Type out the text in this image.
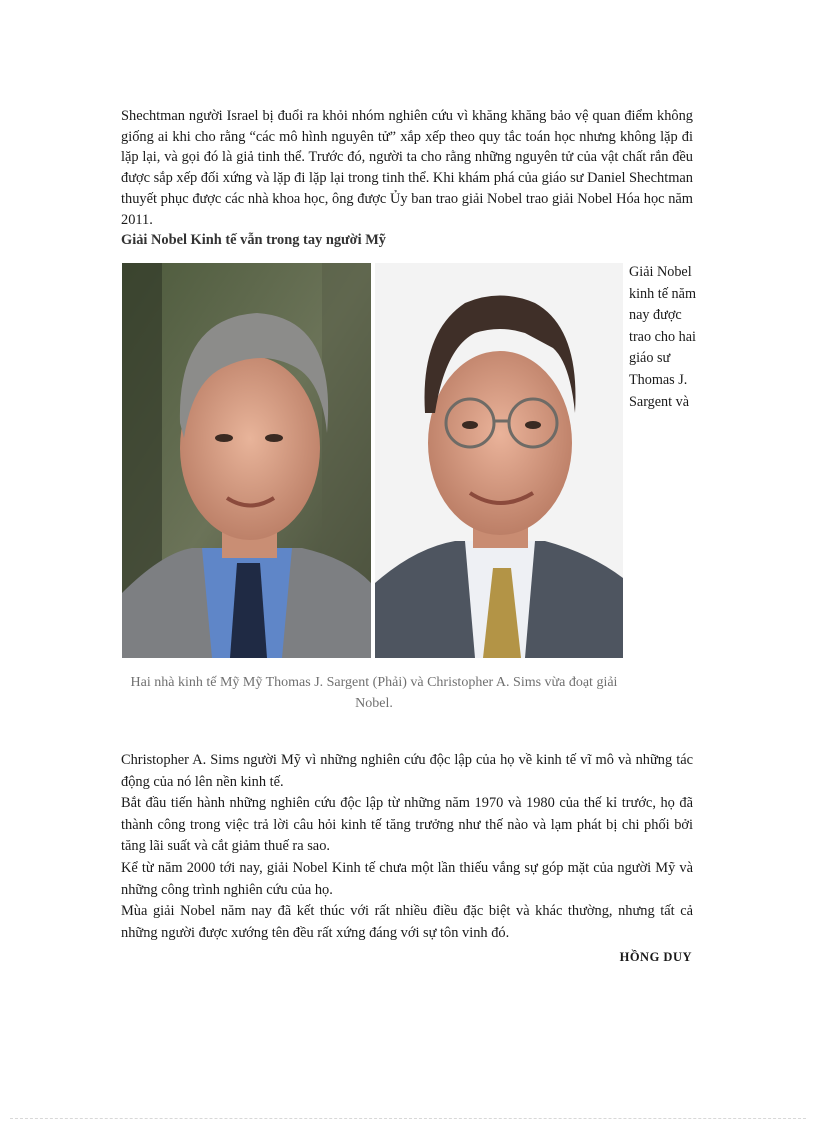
Shechtman người Israel bị đuổi ra khỏi nhóm nghiên cứu vì khăng khăng bảo vệ quan điểm không giống ai khi cho rằng “các mô hình nguyên tử” xắp xếp theo quy tắc toán học nhưng không lặp đi lặp lại, và gọi đó là giả tinh thể. Trước đó, người ta cho rằng những nguyên tử của vật chất rắn đều được sắp xếp đối xứng và lặp đi lặp lại trong tinh thể. Khi khám phá của giáo sư Daniel Shechtman thuyết phục được các nhà khoa học, ông được Ủy ban trao giải Nobel trao giải Nobel Hóa học năm 2011.

Giải Nobel Kinh tế vẫn trong tay người Mỹ

Giải Nobel kinh tế năm nay được trao cho hai giáo sư Thomas J. Sargent và

Hai nhà kinh tế Mỹ Mỹ Thomas J. Sargent (Phải) và Christopher A. Sims vừa đoạt giải Nobel.

Christopher A. Sims người Mỹ vì những nghiên cứu độc lập của họ về kinh tế vĩ mô và những tác động của nó lên nền kinh tế.

Bắt đầu tiến hành những nghiên cứu độc lập từ những năm 1970 và 1980 của thế kỉ trước, họ đã thành công trong việc trả lời câu hỏi kinh tế tăng trưởng như thế nào và lạm phát bị chi phối bởi tăng lãi suất và cắt giảm thuế ra sao.

Kể từ năm 2000 tới nay, giải Nobel Kinh tế chưa một lần thiếu vắng sự góp mặt của người Mỹ và những công trình nghiên cứu của họ.

Mùa giải Nobel năm nay đã kết thúc với rất nhiều điều đặc biệt và khác thường, nhưng tất cả những người được xướng tên đều rất xứng đáng với sự tôn vinh đó.

HỒNG DUY
